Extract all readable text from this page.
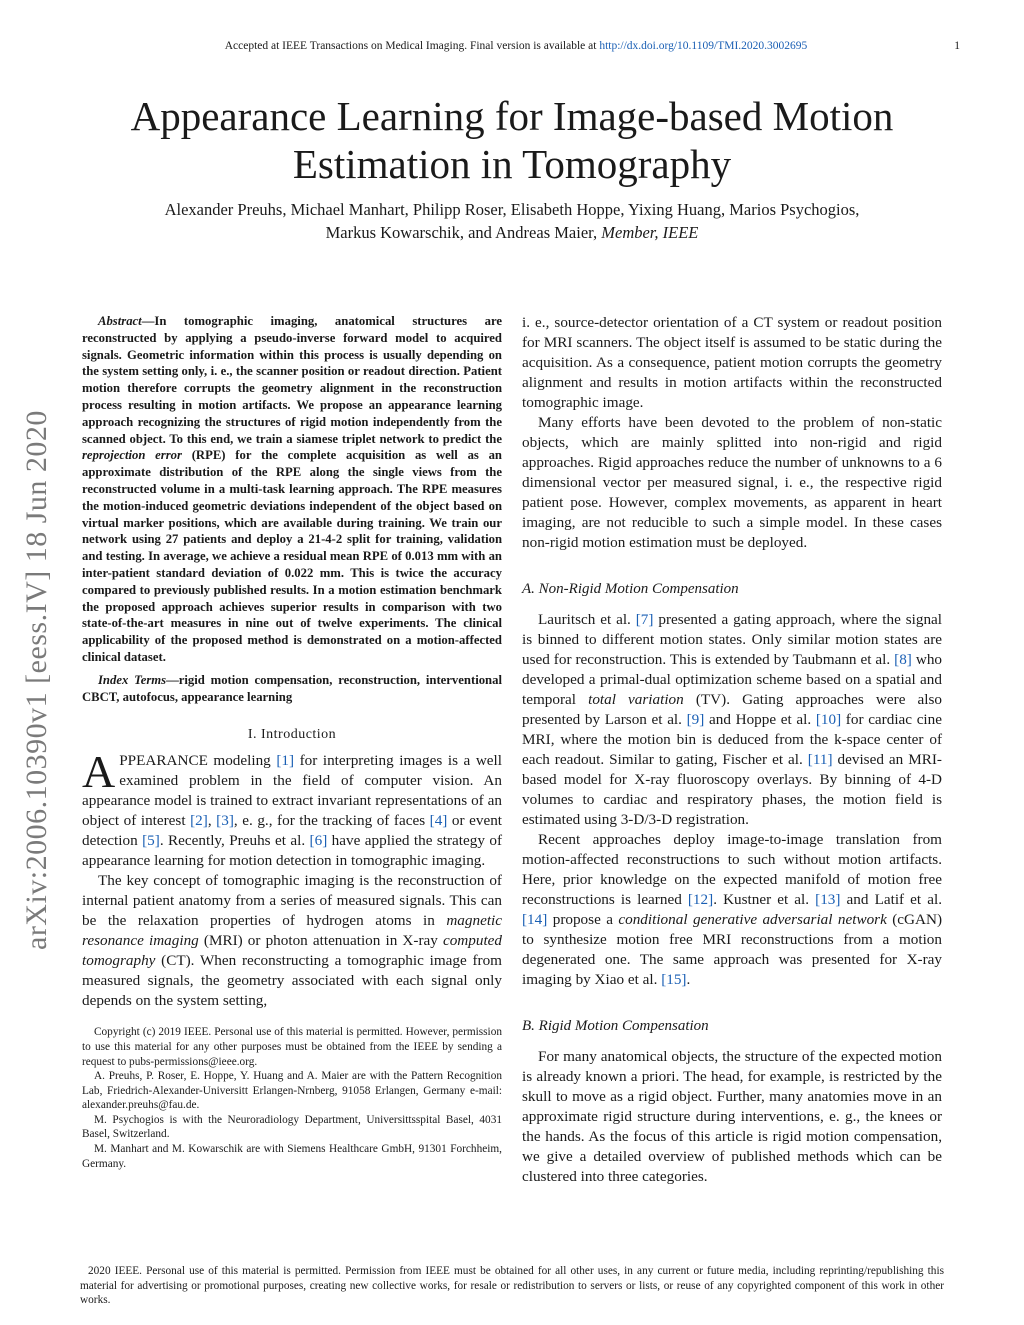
Accepted at IEEE Transactions on Medical Imaging. Final version is available at http://dx.doi.org/10.1109/TMI.2020.3002695	1
arXiv:2006.10390v1 [eess.IV] 18 Jun 2020
Appearance Learning for Image-based Motion
Estimation in Tomography
Alexander Preuhs, Michael Manhart, Philipp Roser, Elisabeth Hoppe, Yixing Huang, Marios Psychogios,
Markus Kowarschik, and Andreas Maier, Member, IEEE

Abstract—In tomographic imaging, anatomical structures are reconstructed by applying a pseudo-inverse forward model to acquired signals. Geometric information within this process is usually depending on the system setting only, i. e., the scanner position or readout direction. Patient motion therefore corrupts the geometry alignment in the reconstruction process resulting in motion artifacts. We propose an appearance learning approach recognizing the structures of rigid motion independently from the scanned object. To this end, we train a siamese triplet network to predict the reprojection error (RPE) for the complete acquisition as well as an approximate distribution of the RPE along the single views from the reconstructed volume in a multi-task learning approach. The RPE measures the motion-induced geometric deviations independent of the object based on virtual marker positions, which are available during training. We train our network using 27 patients and deploy a 21-4-2 split for training, validation and testing. In average, we achieve a residual mean RPE of 0.013 mm with an inter-patient standard deviation of 0.022 mm. This is twice the accuracy compared to previously published results. In a motion estimation benchmark the proposed approach achieves superior results in comparison with two state-of-the-art measures in nine out of twelve experiments. The clinical applicability of the proposed method is demonstrated on a motion-affected clinical dataset.

Index Terms—rigid motion compensation, reconstruction, interventional CBCT, autofocus, appearance learning

I. Introduction

APPEARANCE modeling [1] for interpreting images is a well examined problem in the field of computer vision. An appearance model is trained to extract invariant representations of an object of interest [2], [3], e. g., for the tracking of faces [4] or event detection [5]. Recently, Preuhs et al. [6] have applied the strategy of appearance learning for motion detection in tomographic imaging.

The key concept of tomographic imaging is the reconstruction of internal patient anatomy from a series of measured signals. This can be the relaxation properties of hydrogen atoms in magnetic resonance imaging (MRI) or photon attenuation in X-ray computed tomography (CT). When reconstructing a tomographic image from measured signals, the geometry associated with each signal only depends on the system setting,

Copyright (c) 2019 IEEE. Personal use of this material is permitted. However, permission to use this material for any other purposes must be obtained from the IEEE by sending a request to pubs-permissions@ieee.org.

A. Preuhs, P. Roser, E. Hoppe, Y. Huang and A. Maier are with the Pattern Recognition Lab, Friedrich-Alexander-Universitt Erlangen-Nrnberg, 91058 Erlangen, Germany e-mail: alexander.preuhs@fau.de.

M. Psychogios is with the Neuroradiology Department, Universittsspital Basel, 4031 Basel, Switzerland.

M. Manhart and M. Kowarschik are with Siemens Healthcare GmbH, 91301 Forchheim, Germany.

i. e., source-detector orientation of a CT system or readout position for MRI scanners. The object itself is assumed to be static during the acquisition. As a consequence, patient motion corrupts the geometry alignment and results in motion artifacts within the reconstructed tomographic image.

Many efforts have been devoted to the problem of non-static objects, which are mainly splitted into non-rigid and rigid approaches. Rigid approaches reduce the number of unknowns to a 6 dimensional vector per measured signal, i. e., the respective rigid patient pose. However, complex movements, as apparent in heart imaging, are not reducible to such a simple model. In these cases non-rigid motion estimation must be deployed.

A. Non-Rigid Motion Compensation

Lauritsch et al. [7] presented a gating approach, where the signal is binned to different motion states. Only similar motion states are used for reconstruction. This is extended by Taubmann et al. [8] who developed a primal-dual optimization scheme based on a spatial and temporal total variation (TV). Gating approaches were also presented by Larson et al. [9] and Hoppe et al. [10] for cardiac cine MRI, where the motion bin is deduced from the k-space center of each readout. Similar to gating, Fischer et al. [11] devised an MRI-based model for X-ray fluoroscopy overlays. By binning of 4-D volumes to cardiac and respiratory phases, the motion field is estimated using 3-D/3-D registration.

Recent approaches deploy image-to-image translation from motion-affected reconstructions to such without motion artifacts. Here, prior knowledge on the expected manifold of motion free reconstructions is learned [12]. Kustner et al. [13] and Latif et al. [14] propose a conditional generative adversarial network (cGAN) to synthesize motion free MRI reconstructions from a motion degenerated one. The same approach was presented for X-ray imaging by Xiao et al. [15].

B. Rigid Motion Compensation

For many anatomical objects, the structure of the expected motion is already known a priori. The head, for example, is restricted by the skull to move as a rigid object. Further, many anatomies move in an approximate rigid structure during interventions, e. g., the knees or the hands. As the focus of this article is rigid motion compensation, we give a detailed overview of published methods which can be clustered into three categories.

2020 IEEE. Personal use of this material is permitted. Permission from IEEE must be obtained for all other uses, in any current or future media, including reprinting/republishing this material for advertising or promotional purposes, creating new collective works, for resale or redistribution to servers or lists, or reuse of any copyrighted component of this work in other works.
